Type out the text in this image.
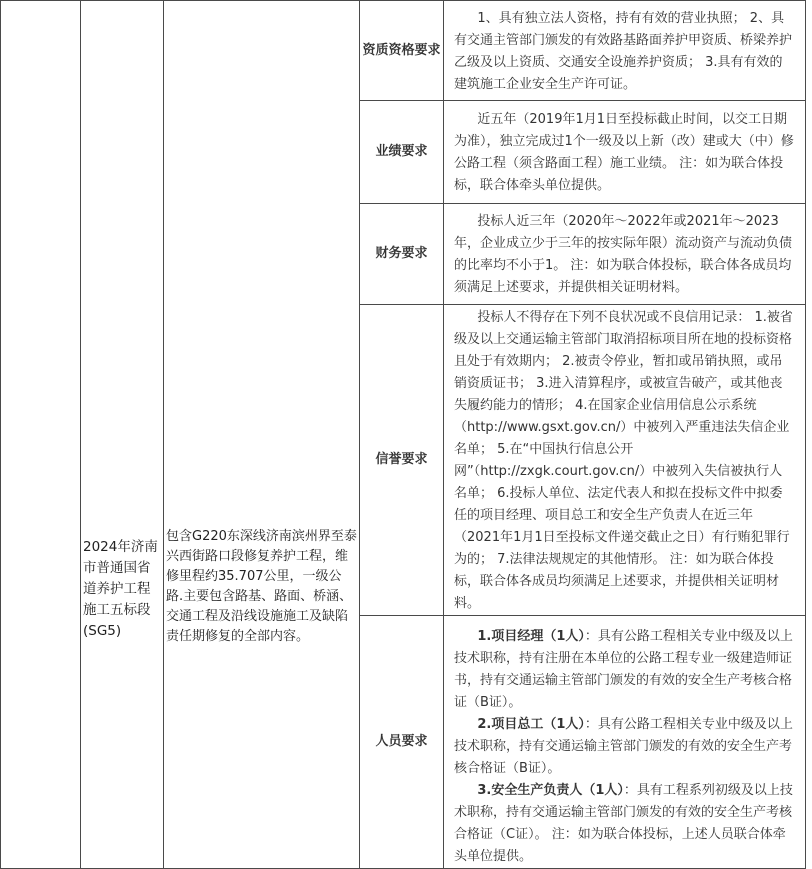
	2024年济南市普通国省道养护工程施工五标段(SG5)	包含G220东深线济南滨州界至泰兴西街路口段修复养护工程，维修里程约35.707公里，一级公路.主要包含路基、路面、桥涵、交通工程及沿线设施施工及缺陷责任期修复的全部内容。	资质资格要求	1、具有独立法人资格，持有有效的营业执照； 2、具有交通主管部门颁发的有效路基路面养护甲资质、桥梁养护乙级及以上资质、交通安全设施养护资质； 3.具有有效的建筑施工企业安全生产许可证。

			业绩要求	近五年（2019年1月1日至投标截止时间，以交工日期为准），独立完成过1个一级及以上新（改）建或大（中）修公路工程（须含路面工程）施工业绩。 注：如为联合体投标，联合体牵头单位提供。

			财务要求	投标人近三年（2020年～2022年或2021年～2023年，企业成立少于三年的按实际年限）流动资产与流动负债的比率均不小于1。 注：如为联合体投标，联合体各成员均须满足上述要求，并提供相关证明材料。

			信誉要求	投标人不得存在下列不良状况或不良信用记录： 1.被省级及以上交通运输主管部门取消招标项目所在地的投标资格且处于有效期内； 2.被责令停业，暂扣或吊销执照，或吊销资质证书； 3.进入清算程序，或被宣告破产，或其他丧失履约能力的情形； 4.在国家企业信用信息公示系统（http://www.gsxt.gov.cn/）中被列入严重违法失信企业名单； 5.在“中国执行信息公开网”（http://zxgk.court.gov.cn/）中被列入失信被执行人名单； 6.投标人单位、法定代表人和拟在投标文件中拟委任的项目经理、项目总工和安全生产负责人在近三年（2021年1月1日至投标文件递交截止之日）有行贿犯罪行为的； 7.法律法规规定的其他情形。 注：如为联合体投标，联合体各成员均须满足上述要求，并提供相关证明材料。

			人员要求	1.项目经理（1人）：具有公路工程相关专业中级及以上技术职称，持有注册在本单位的公路工程专业一级建造师证书，持有交通运输主管部门颁发的有效的安全生产考核合格证（B证）。

2.项目总工（1人）：具有公路工程相关专业中级及以上技术职称，持有交通运输主管部门颁发的有效的安全生产考核合格证（B证）。

3.安全生产负责人（1人）：具有工程系列初级及以上技术职称，持有交通运输主管部门颁发的有效的安全生产考核合格证（C证）。 注：如为联合体投标，上述人员联合体牵头单位提供。
